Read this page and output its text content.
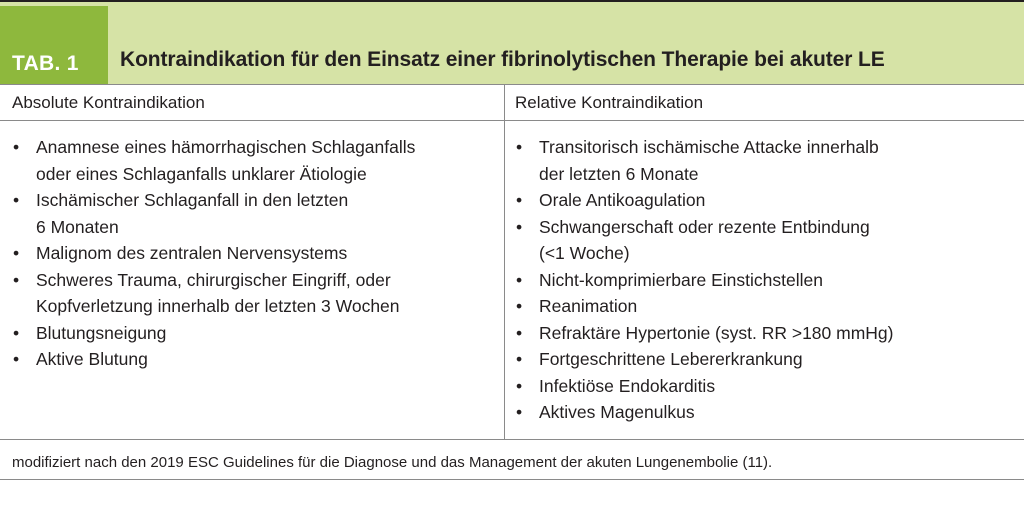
TAB. 1	Kontraindikation für den Einsatz einer fibrinolytischen Therapie bei akuter LE
Absolute Kontraindikation	Relative Kontraindikation
• Anamnese eines hämorrhagischen Schlaganfalls
oder eines Schlaganfalls unklarer Ätiologie
• Ischämischer Schlaganfall in den letzten
6 Monaten
• Malignom des zentralen Nervensystems
• Schweres Trauma, chirurgischer Eingriff, oder
Kopfverletzung innerhalb der letzten 3 Wochen
• Blutungsneigung
• Aktive Blutung
• Transitorisch ischämische Attacke innerhalb
der letzten 6 Monate
• Orale Antikoagulation
• Schwangerschaft oder rezente Entbindung
(<1 Woche)
• Nicht-komprimierbare Einstichstellen
• Reanimation
• Refraktäre Hypertonie (syst. RR >180 mmHg)
• Fortgeschrittene Lebererkrankung
• Infektiöse Endokarditis
• Aktives Magenulkus
modifiziert nach den 2019 ESC Guidelines für die Diagnose und das Management der akuten Lungenembolie (11).
